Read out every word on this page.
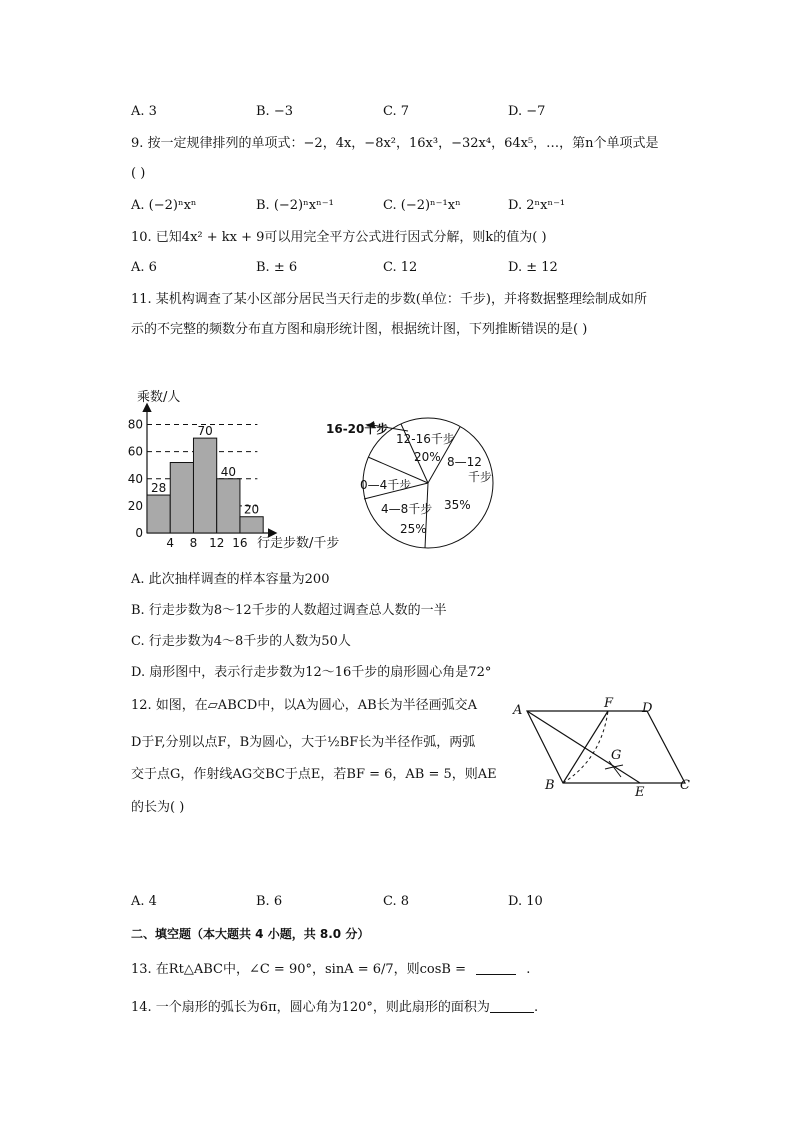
A. 3	B. −3	C. 7	D. −7
9. 按一定规律排列的单项式：−2，4x，−8x²，16x³，−32x⁴，64x⁵，…，第n个单项式是
( )
A. (−2)ⁿxⁿ	B. (−2)ⁿxⁿ⁻¹	C. (−2)ⁿ⁻¹xⁿ	D. 2ⁿxⁿ⁻¹
10. 已知4x² + kx + 9可以用完全平方公式进行因式分解，则k的值为( )
A. 6	B. ± 6	C. 12	D. ± 12
11. 某机构调查了某小区部分居民当天行走的步数(单位：千步)，并将数据整理绘制成如所
示的不完整的频数分布直方图和扇形统计图，根据统计图，下列推断错误的是( )
乘数/人
0
20
40
60
80
4 8 12 16
28
70
40
20
行走步数/千步
16-20千步
12-16千步
20% 8—12 千步
35%
0—4千步
4—8千步
25%
A. 此次抽样调查的样本容量为200
B. 行走步数为8～12千步的人数超过调查总人数的一半
C. 行走步数为4～8千步的人数为50人
D. 扇形图中，表示行走步数为12～16千步的扇形圆心角是72°
12. 如图，在▱ABCD中，以A为圆心，AB长为半径画弧交A
D于F,分别以点F，B为圆心，大于½BF长为半径作弧，两弧
交于点G，作射线AG交BC于点E，若BF = 6，AB = 5，则AE
的长为( )
A	F D
G
B	E	C
A. 4	B. 6	C. 8	D. 10
二、填空题（本大题共 4 小题，共 8.0 分）
13. 在Rt△ABC中，∠C = 90°，sinA = 6/7，则cosB =	.
14. 一个扇形的弧长为6π，圆心角为120°，则此扇形的面积为	.
